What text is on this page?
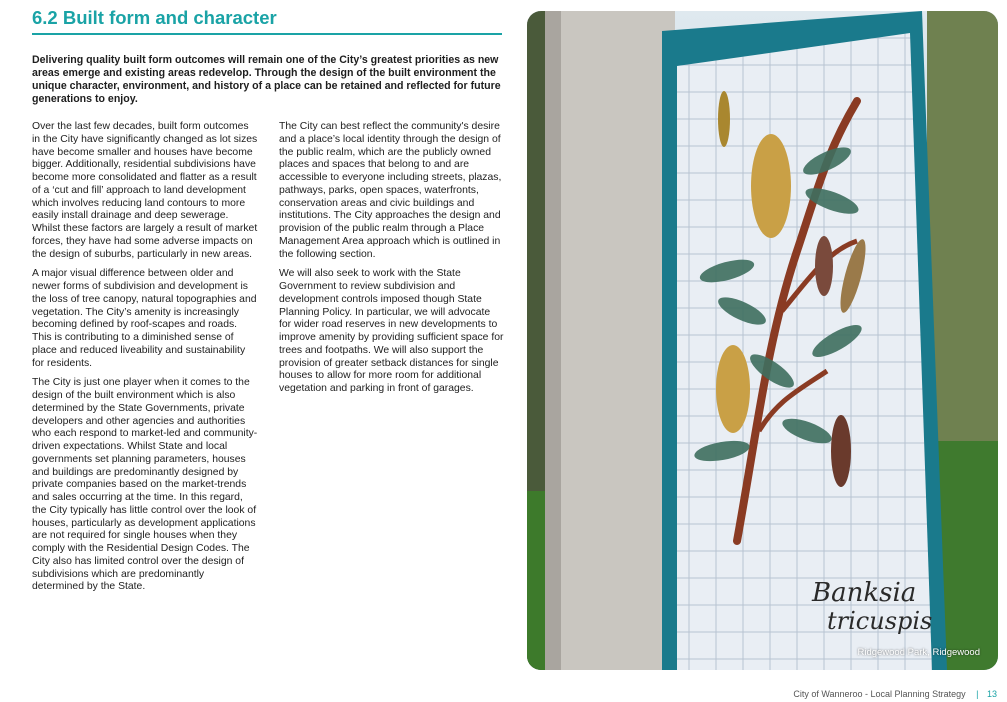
6.2 Built form and character

Delivering quality built form outcomes will remain one of the City’s greatest priorities as new areas emerge and existing areas redevelop. Through the design of the built environment the unique character, environment, and history of a place can be retained and reflected for future generations to enjoy.

Over the last few decades, built form outcomes in the City have significantly changed as lot sizes have become smaller and houses have become bigger. Additionally, residential subdivisions have become more consolidated and flatter as a result of a ‘cut and fill’ approach to land development which involves reducing land contours to more easily install drainage and deep sewerage. Whilst these factors are largely a result of market forces, they have had some adverse impacts on the design of suburbs, particularly in new areas.

A major visual difference between older and newer forms of subdivision and development is the loss of tree canopy, natural topographies and vegetation. The City’s amenity is increasingly becoming defined by roof-scapes and roads. This is contributing to a diminished sense of place and reduced liveability and sustainability for residents.

The City is just one player when it comes to the design of the built environment which is also determined by the State Governments, private developers and other agencies and authorities who each respond to market-led and community-driven expectations. Whilst State and local governments set planning parameters, houses and buildings are predominantly designed by private companies based on the market-trends and sales occurring at the time. In this regard, the City typically has little control over the look of houses, particularly as development applications are not required for single houses when they comply with the Residential Design Codes. The City also has limited control over the design of subdivisions which are predominantly determined by the State.

The City can best reflect the community's desire and a place’s local identity through the design of the public realm, which are the publicly owned places and spaces that belong to and are accessible to everyone including streets, plazas, pathways, parks, open spaces, waterfronts, conservation areas and civic buildings and institutions. The City approaches the design and provision of the public realm through a Place Management Area approach which is outlined in the following section.

We will also seek to work with the State Government to review subdivision and development controls imposed though State Planning Policy. In particular, we will advocate for wider road reserves in new developments to improve amenity by providing sufficient space for trees and footpaths. We will also support the provision of greater setback distances for single houses to allow for more room for additional vegetation and parking in front of garages.

Banksia
tricuspis
Ridgewood Park, Ridgewood
City of Wanneroo - Local Planning Strategy | 13
